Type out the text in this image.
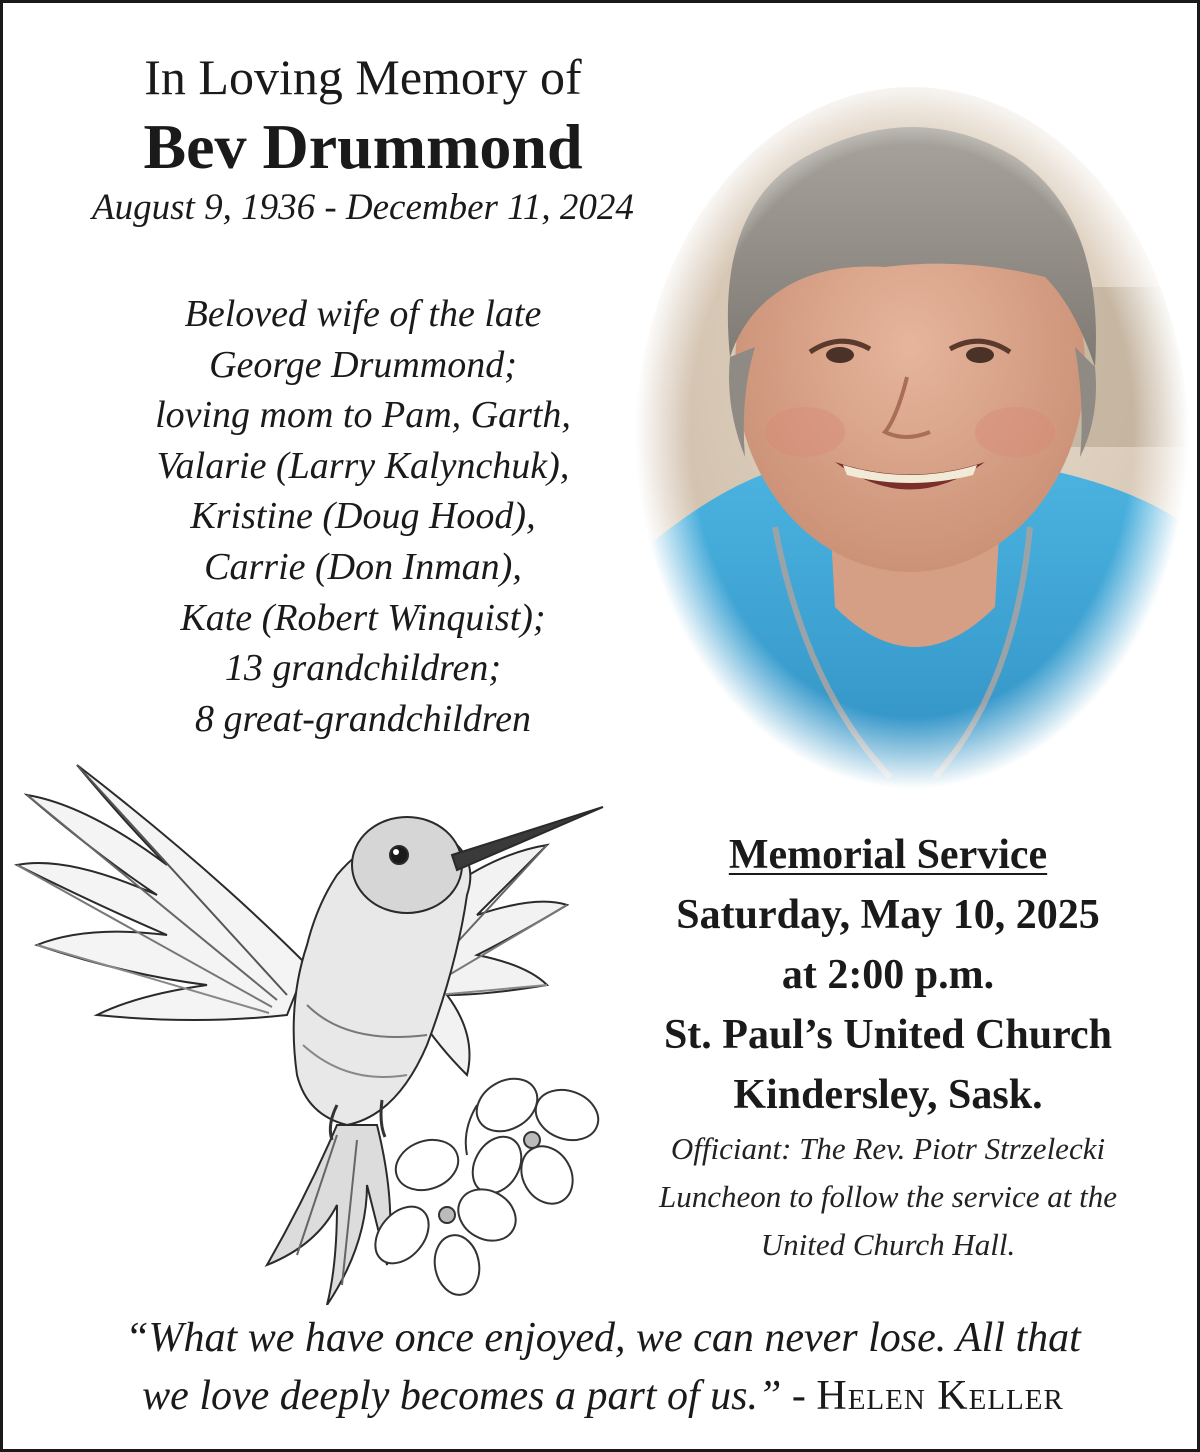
In Loving Memory of
Bev Drummond
August 9, 1936 - December 11, 2024
Beloved wife of the late
George Drummond;
loving mom to Pam, Garth,
Valarie (Larry Kalynchuk),
Kristine (Doug Hood),
Carrie (Don Inman),
Kate (Robert Winquist);
13 grandchildren;
8 great-grandchildren

Memorial Service

Saturday, May 10, 2025

at 2:00 p.m.

St. Paul’s United Church

Kindersley, Sask.

Officiant: The Rev. Piotr Strzelecki

Luncheon to follow the service at the

United Church Hall.

“What we have once enjoyed, we can never lose. All that
we love deeply becomes a part of us.” - Helen Keller
